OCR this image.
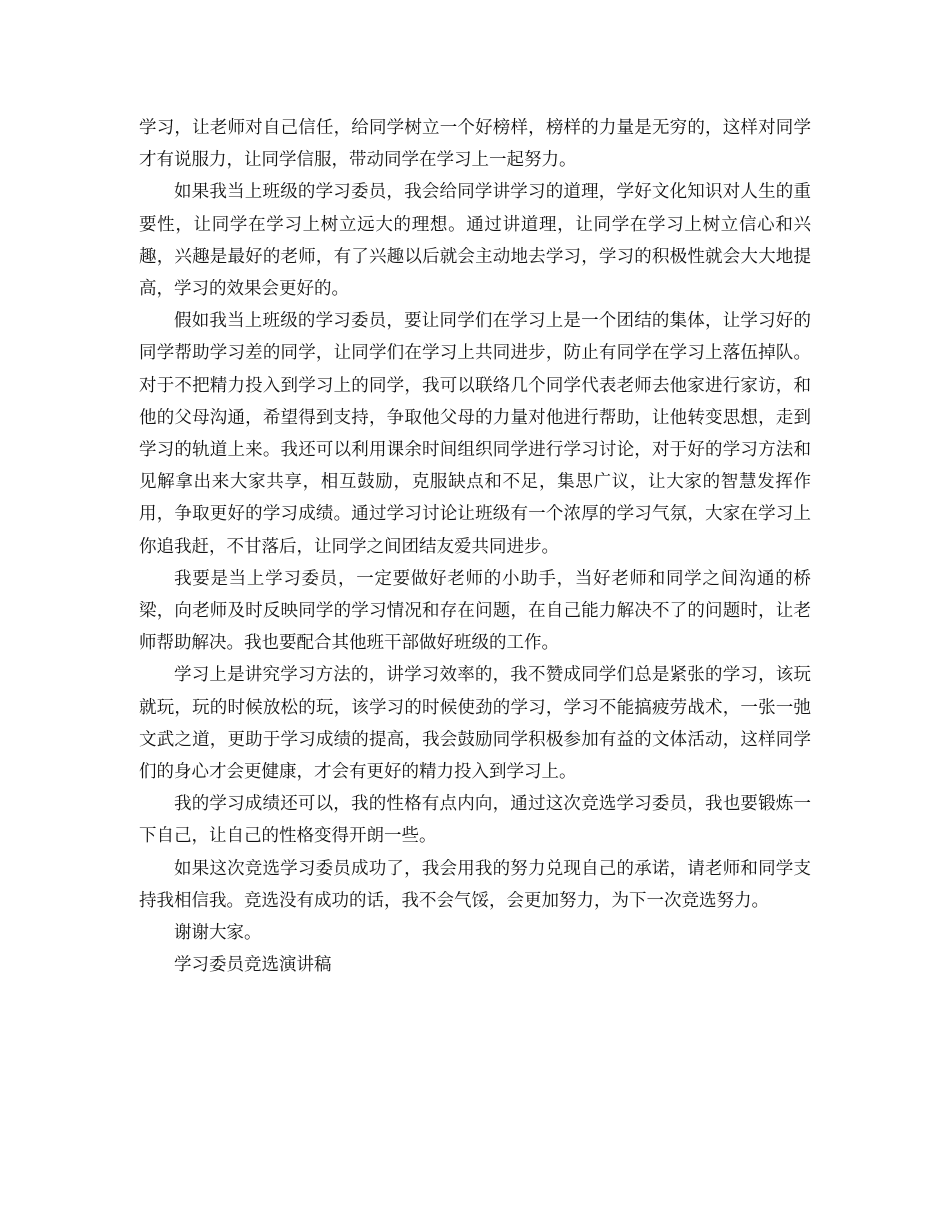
学习，让老师对自己信任，给同学树立一个好榜样，榜样的力量是无穷的，这样对同学才有说服力，让同学信服，带动同学在学习上一起努力。

如果我当上班级的学习委员，我会给同学讲学习的道理，学好文化知识对人生的重要性，让同学在学习上树立远大的理想。通过讲道理，让同学在学习上树立信心和兴趣，兴趣是最好的老师，有了兴趣以后就会主动地去学习，学习的积极性就会大大地提高，学习的效果会更好的。

假如我当上班级的学习委员，要让同学们在学习上是一个团结的集体，让学习好的同学帮助学习差的同学，让同学们在学习上共同进步，防止有同学在学习上落伍掉队。对于不把精力投入到学习上的同学，我可以联络几个同学代表老师去他家进行家访，和他的父母沟通，希望得到支持，争取他父母的力量对他进行帮助，让他转变思想，走到学习的轨道上来。我还可以利用课余时间组织同学进行学习讨论，对于好的学习方法和见解拿出来大家共享，相互鼓励，克服缺点和不足，集思广议，让大家的智慧发挥作用，争取更好的学习成绩。通过学习讨论让班级有一个浓厚的学习气氛，大家在学习上你追我赶，不甘落后，让同学之间团结友爱共同进步。

我要是当上学习委员，一定要做好老师的小助手，当好老师和同学之间沟通的桥梁，向老师及时反映同学的学习情况和存在问题，在自己能力解决不了的问题时，让老师帮助解决。我也要配合其他班干部做好班级的工作。

学习上是讲究学习方法的，讲学习效率的，我不赞成同学们总是紧张的学习，该玩就玩，玩的时候放松的玩，该学习的时候使劲的学习，学习不能搞疲劳战术，一张一弛文武之道，更助于学习成绩的提高，我会鼓励同学积极参加有益的文体活动，这样同学们的身心才会更健康，才会有更好的精力投入到学习上。

我的学习成绩还可以，我的性格有点内向，通过这次竞选学习委员，我也要锻炼一下自己，让自己的性格变得开朗一些。

如果这次竞选学习委员成功了，我会用我的努力兑现自己的承诺，请老师和同学支持我相信我。竞选没有成功的话，我不会气馁，会更加努力，为下一次竞选努力。

谢谢大家。

学习委员竞选演讲稿
